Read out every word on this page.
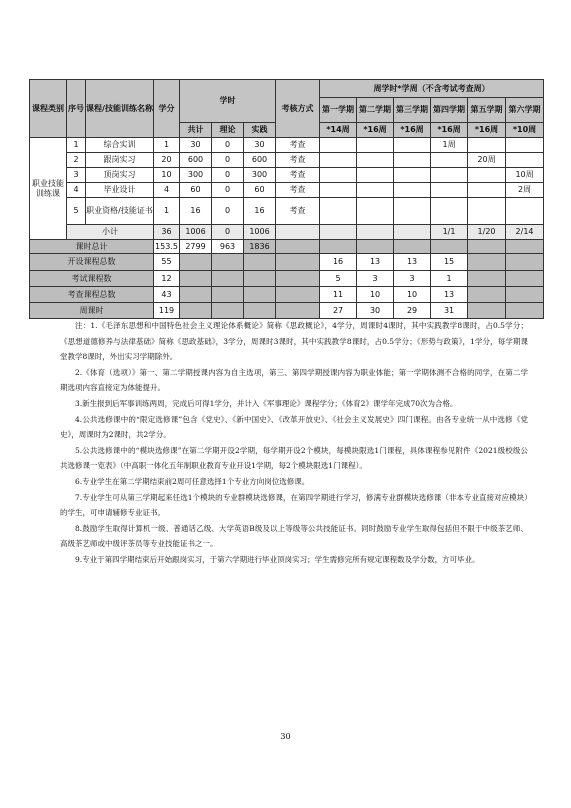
课程类别	序号	课程/技能训练名称	学分	学时			考核方式	周学时*学周（不含考试考查周）					
								第一学期	第二学期	第三学期	第四学期	第五学期	第六学期
				共计	理论	实践		*14周	*16周	*16周	*16周	*16周	*10周
职业技能训练课	1	综合实训	1	30	0	30	考查				1周		
	2	跟岗实习	20	600	0	600	考查					20周	
	3	顶岗实习	10	300	0	300	考查						10周
	4	毕业设计	4	60	0	60	考查						2周
	5	职业资格/技能证书	1	16	0	16	考查						
	小计		36	1006	0	1006					1/1	1/20	2/14
课时总计			153.5	2799	963	1836							
开设课程总数			55					16	13	13	15		
考试课程数			12					5	3	3	1		
考查课程总数			43					11	10	10	13		
周课时			119					27	30	29	31		

注：1.《毛泽东思想和中国特色社会主义理论体系概论》简称《思政概论》，4学分，周课时4课时，其中实践教学8课时，占0.5学分；《思想道德修养与法律基础》简称《思政基础》，3学分，周课时3课时，其中实践教学8课时，占0.5学分；《形势与政策》，1学分，每学期课堂教学8课时，外出实习学期除外。

2.《体育（选项）》第一、第二学期授课内容为自主选项，第三、第四学期授课内容为职业体能；第一学期体测不合格的同学，在第二学期选项内容直接定为体能提升。

3.新生报到后军事训练两周，完成后可得1学分，并计入《军事理论》课程学分；《体育2》课学年完成70次为合格。

4.公共选修课中的“限定选修课”包含《党史》、《新中国史》、《改革开放史》、《社会主义发展史》四门课程。由各专业统一从中选修《党史》，周课时为2课时，共2学分。

5.公共选修课中的“模块选修课”在第二学期开设2学期，每学期开设2个模块，每模块限选1门课程，具体课程参见附件《2021级校级公共选修课一览表》（中高职一体化五年制职业教育专业开设1学期，每2个模块限选1门课程）。

6.专业学生在第二学期结束前2周可任意选择1个专业方向岗位选修课。

7.专业学生可从第三学期起来任选1个模块的专业群模块选修课，在第四学期进行学习，修满专业群模块选修课（非本专业直接对应模块）的学生，可申请辅修专业证书。

8.鼓励学生取得计算机一级、普通话乙级、大学英语B级及以上等级等公共技能证书。同时鼓励专业学生取得包括但不限于中级茶艺师、高级茶艺师或中级评茶员等专业技能证书之一。

9.专业于第四学期结束后开始跟岗实习，于第六学期进行毕业顶岗实习；学生需修完所有规定课程数及学分数，方可毕业。

30
